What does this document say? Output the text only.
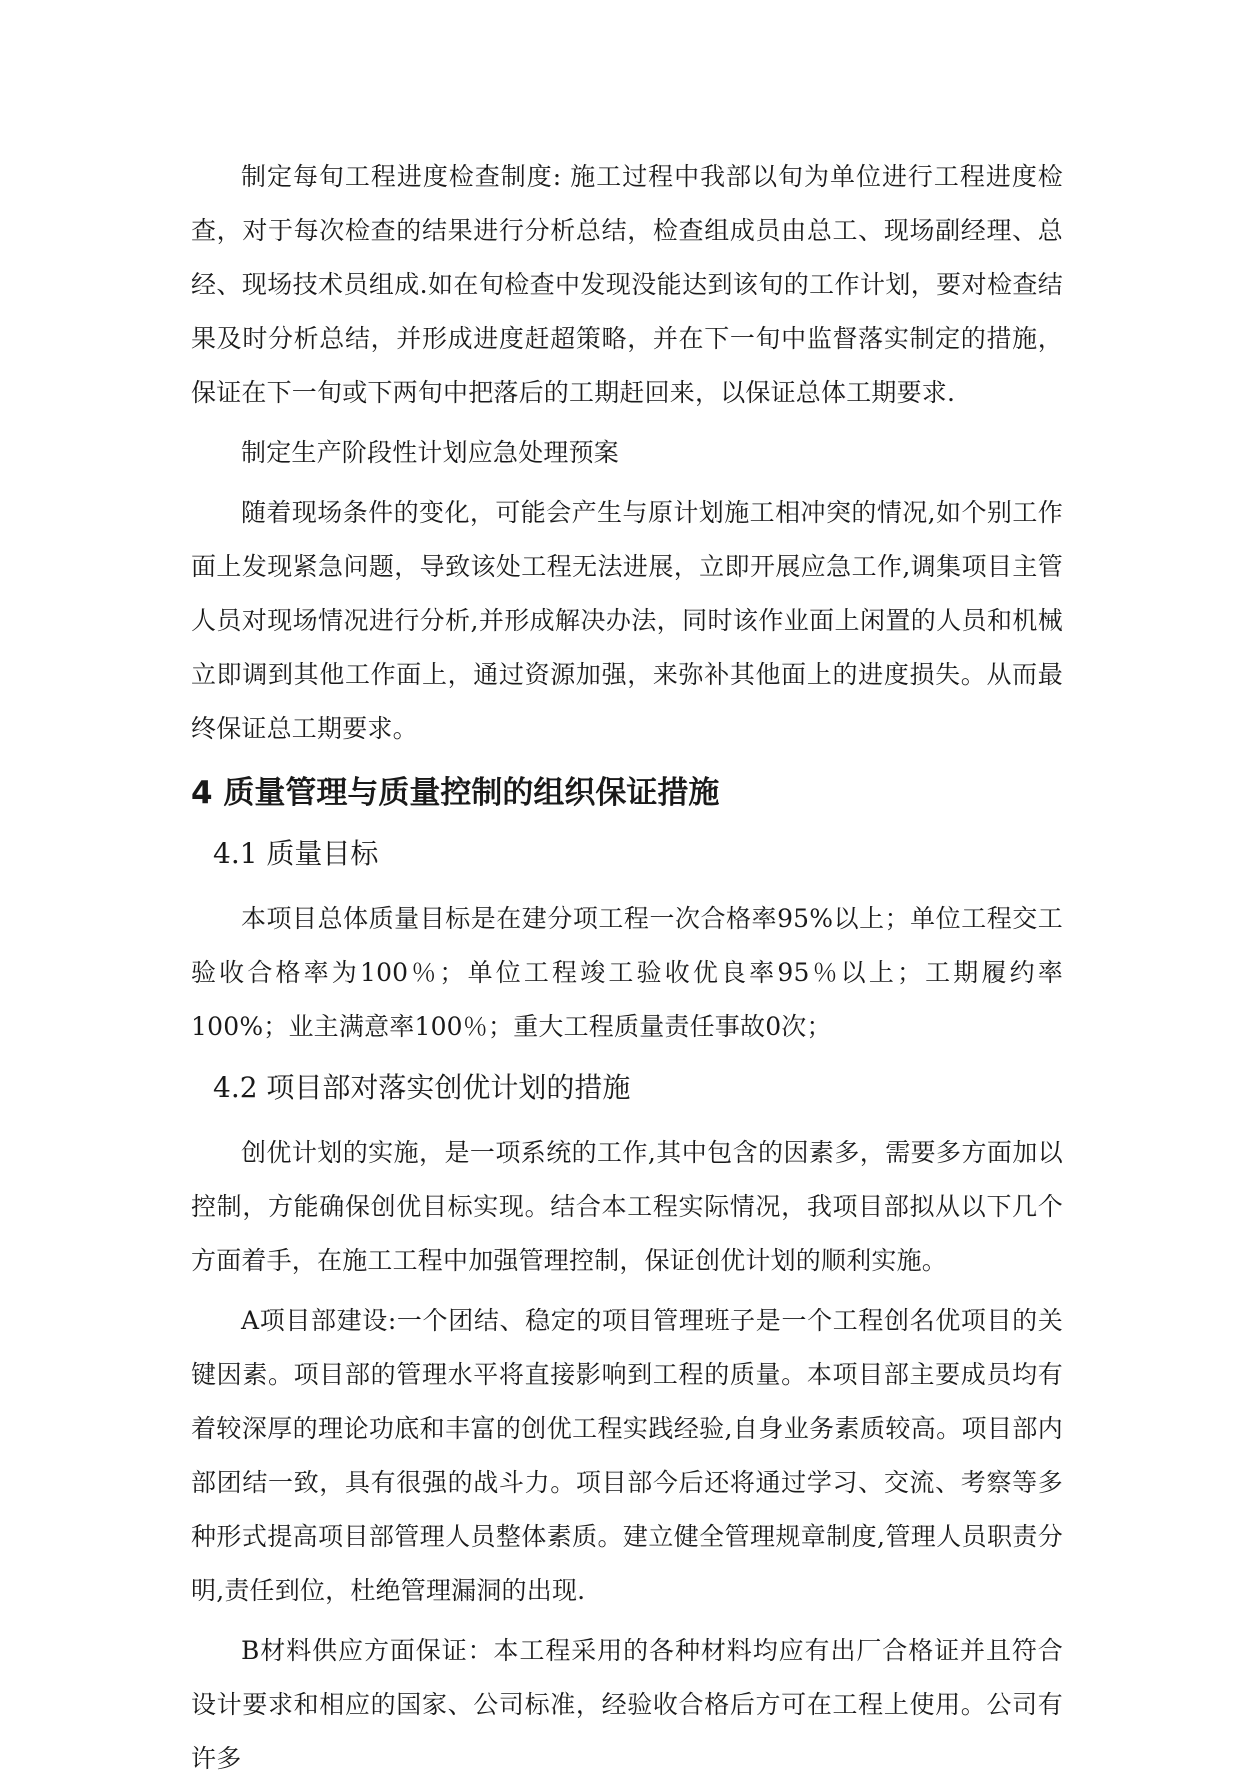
制定每旬工程进度检查制度: 施工过程中我部以旬为单位进行工程进度检查，对于每次检查的结果进行分析总结，检查组成员由总工、现场副经理、总经、现场技术员组成.如在旬检查中发现没能达到该旬的工作计划，要对检查结果及时分析总结，并形成进度赶超策略，并在下一旬中监督落实制定的措施，保证在下一旬或下两旬中把落后的工期赶回来，以保证总体工期要求.

制定生产阶段性计划应急处理预案

随着现场条件的变化，可能会产生与原计划施工相冲突的情况,如个别工作面上发现紧急问题，导致该处工程无法进展，立即开展应急工作,调集项目主管人员对现场情况进行分析,并形成解决办法，同时该作业面上闲置的人员和机械立即调到其他工作面上，通过资源加强，来弥补其他面上的进度损失。从而最终保证总工期要求。

4 质量管理与质量控制的组织保证措施
4.1 质量目标

本项目总体质量目标是在建分项工程一次合格率95%以上；单位工程交工验收合格率为100％；单位工程竣工验收优良率95％以上；工期履约率100%；业主满意率100％；重大工程质量责任事故0次；

4.2 项目部对落实创优计划的措施

创优计划的实施，是一项系统的工作,其中包含的因素多，需要多方面加以控制，方能确保创优目标实现。结合本工程实际情况，我项目部拟从以下几个方面着手，在施工工程中加强管理控制，保证创优计划的顺利实施。

A项目部建设:一个团结、稳定的项目管理班子是一个工程创名优项目的关键因素。项目部的管理水平将直接影响到工程的质量。本项目部主要成员均有着较深厚的理论功底和丰富的创优工程实践经验,自身业务素质较高。项目部内部团结一致，具有很强的战斗力。项目部今后还将通过学习、交流、考察等多种形式提高项目部管理人员整体素质。建立健全管理规章制度,管理人员职责分明,责任到位，杜绝管理漏洞的出现.

B材料供应方面保证：本工程采用的各种材料均应有出厂合格证并且符合设计要求和相应的国家、公司标准，经验收合格后方可在工程上使用。公司有许多
